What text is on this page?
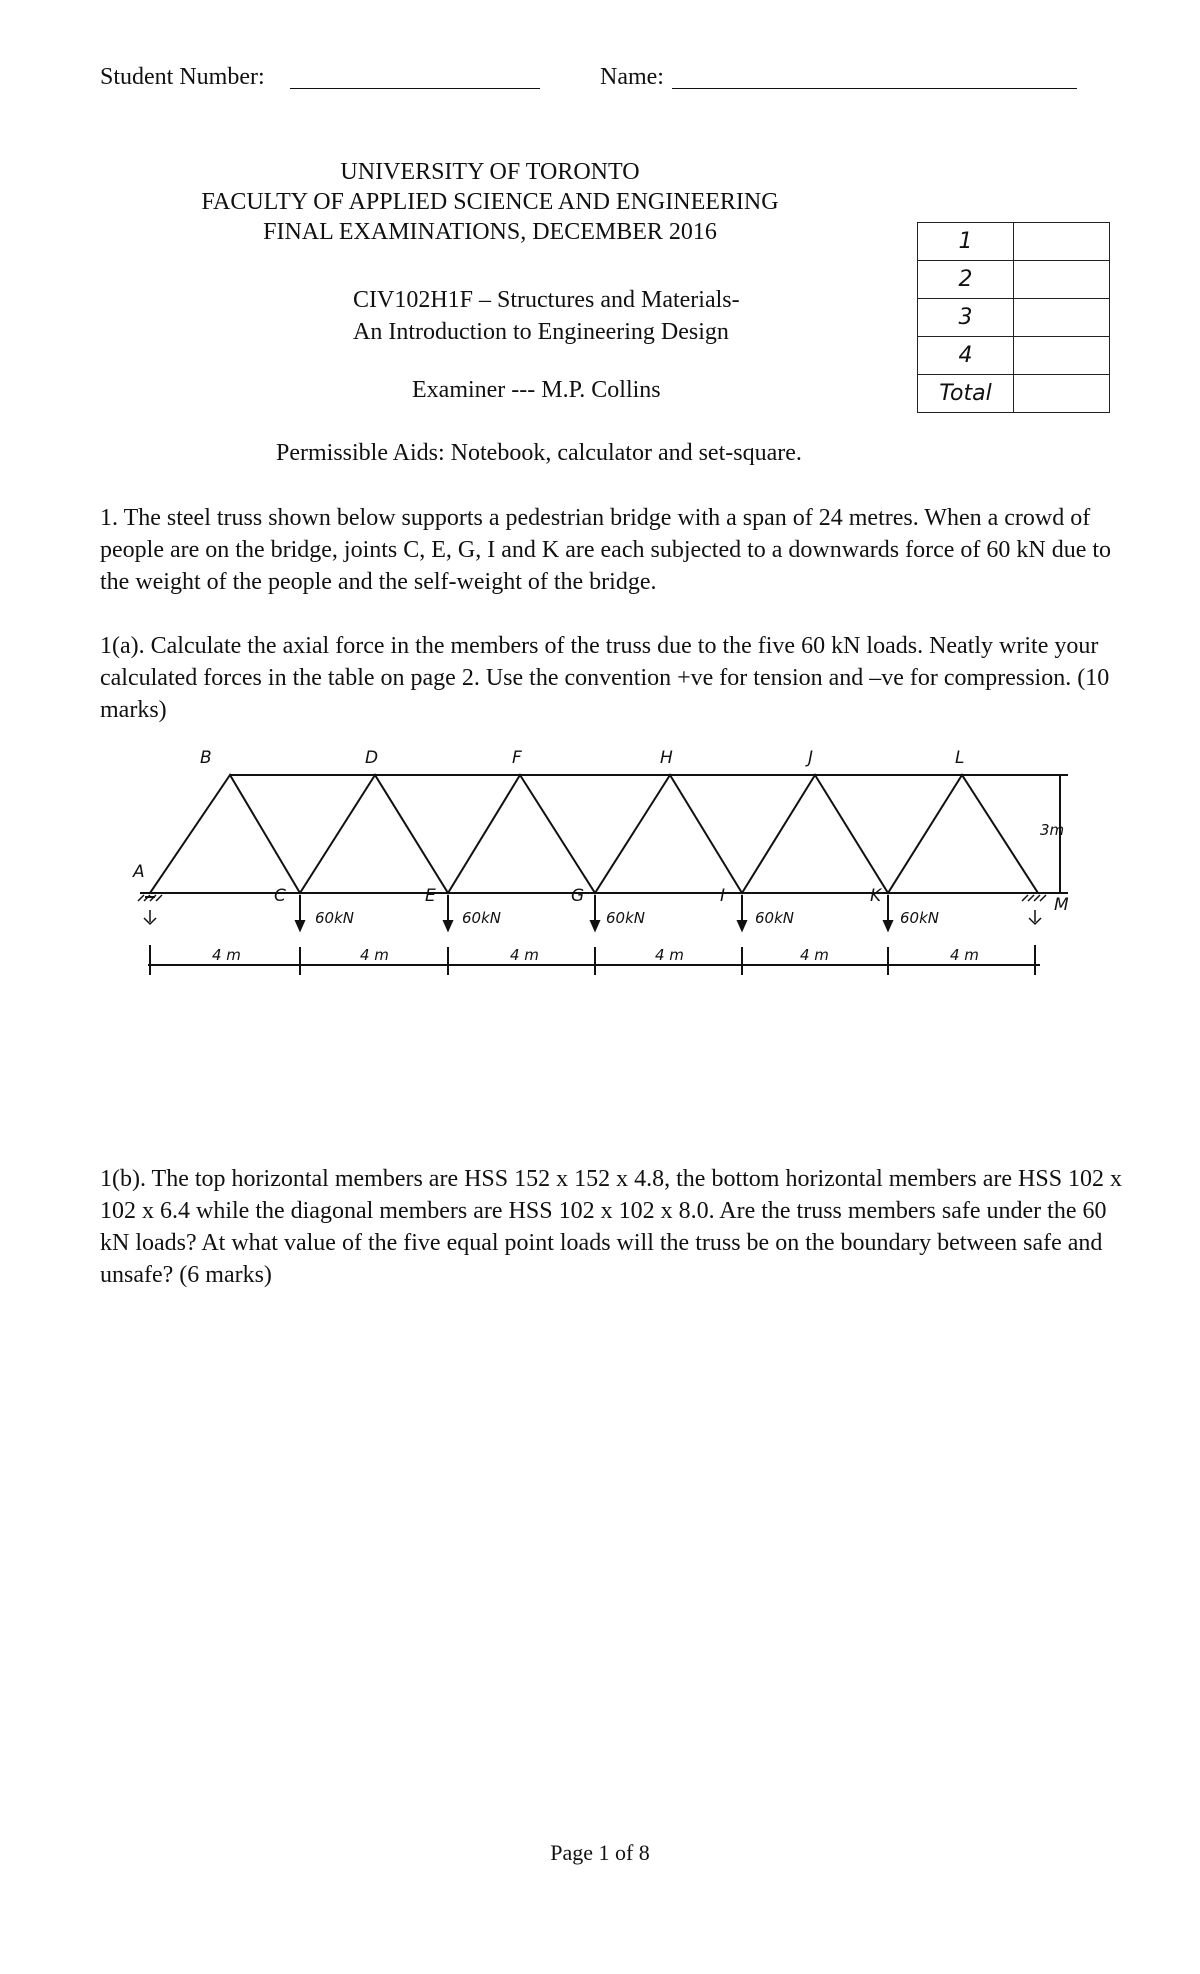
Student Number:	Name:
UNIVERSITY OF TORONTO
FACULTY OF APPLIED SCIENCE AND ENGINEERING
FINAL EXAMINATIONS, DECEMBER 2016
CIV102H1F – Structures and Materials-
An Introduction to Engineering Design
Examiner --- M.P. Collins
Permissible Aids: Notebook, calculator and set-square.
1	
2	
3	
4	
Total	
1. The steel truss shown below supports a pedestrian bridge with a span of 24 metres. When a crowd of people are on the bridge, joints C, E, G, I and K are each subjected to a downwards force of 60 kN due to the weight of the people and the self-weight of the bridge.
1(a). Calculate the axial force in the members of the truss due to the five 60 kN loads. Neatly write your calculated forces in the table on page 2. Use the convention +ve for tension and –ve for compression. (10 marks)
B	D	F	H	J	L
A
M
C	E	G	I	K
60kN	60kN	60kN	60kN	60kN
4 m	4 m	4 m	4 m	4 m	4 m
3m
1(b). The top horizontal members are HSS 152 x 152 x 4.8, the bottom horizontal members are HSS 102 x 102 x 6.4 while the diagonal members are HSS 102 x 102 x 8.0. Are the truss members safe under the 60 kN loads? At what value of the five equal point loads will the truss be on the boundary between safe and unsafe? (6 marks)
Page 1 of 8
